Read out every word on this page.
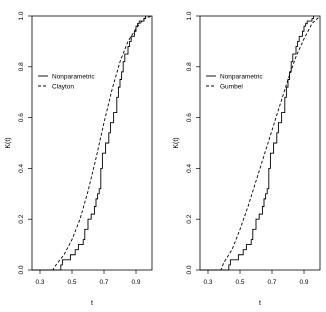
0.3	0.5	0.7	0.9
0.0
0.2
0.4
0.6
0.8
1.0
t
K(t)
Nonparametric
Clayton
0.3	0.5	0.7	0.9
0.0
0.2
0.4
0.6
0.8
1.0
t
K(t)
Nonparametric
Gumbel
